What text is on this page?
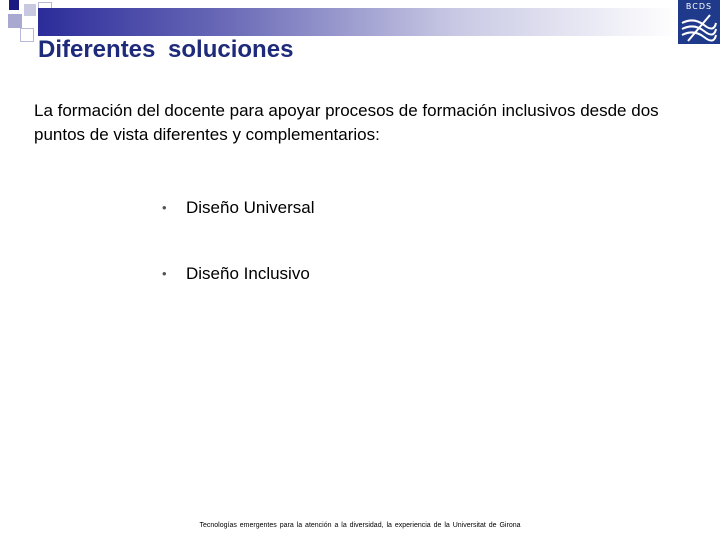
BCDS
Diferentes soluciones
La formación del docente para apoyar procesos de formación inclusivos desde dos puntos de vista diferentes y complementarios:
• Diseño Universal
• Diseño Inclusivo
Tecnologías emergentes para la atención a la diversidad, la experiencia de la Universitat de Girona
